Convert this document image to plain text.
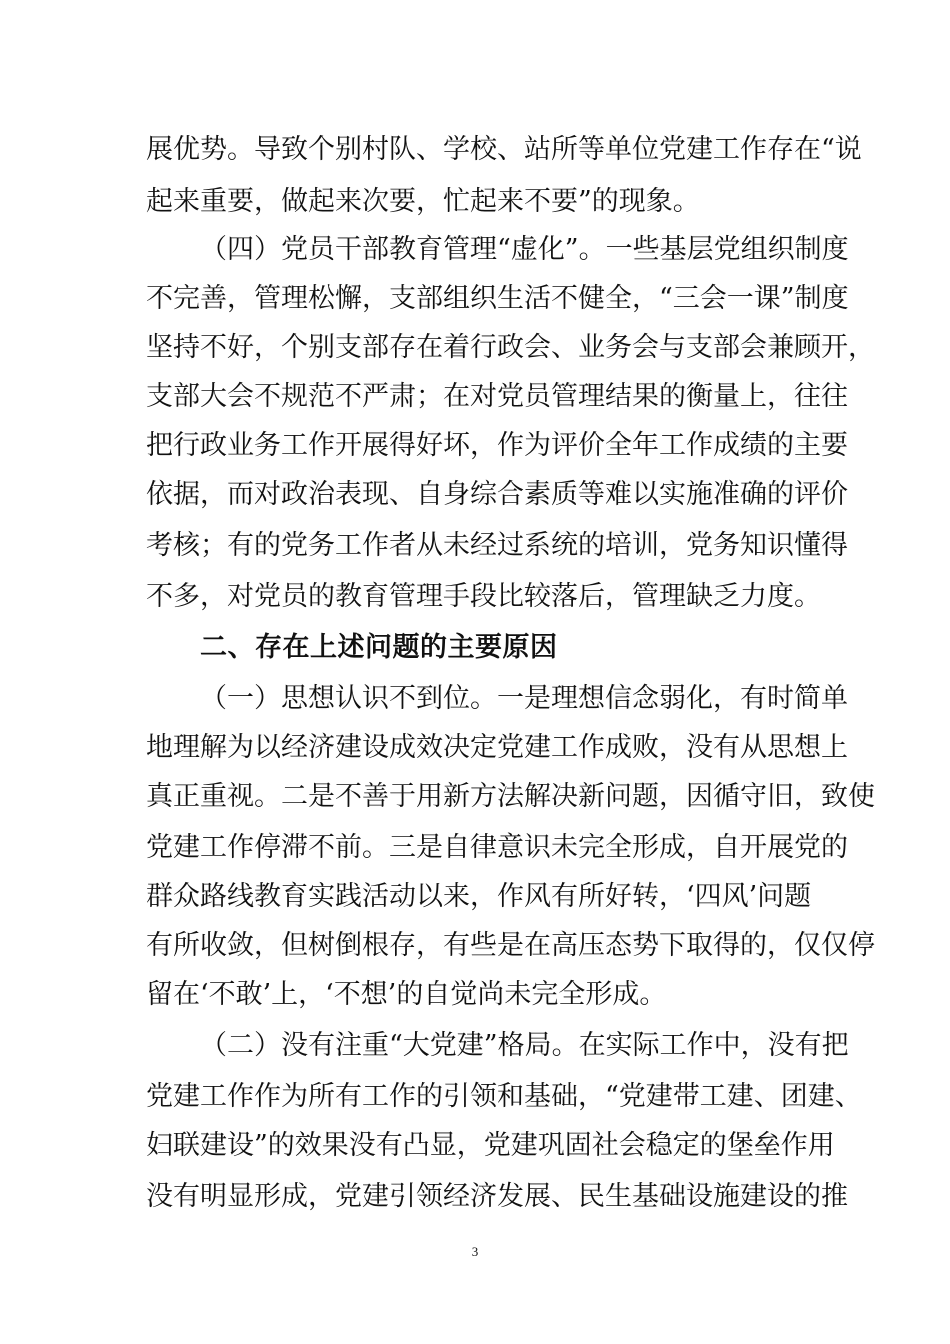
展优势。导致个别村队、学校、站所等单位党建工作存在“说
起来重要，做起来次要，忙起来不要”的现象。
（四）党员干部教育管理“虚化”。一些基层党组织制度
不完善，管理松懈，支部组织生活不健全，“三会一课”制度
坚持不好，个别支部存在着行政会、业务会与支部会兼顾开，
支部大会不规范不严肃；在对党员管理结果的衡量上，往往
把行政业务工作开展得好坏，作为评价全年工作成绩的主要
依据，而对政治表现、自身综合素质等难以实施准确的评价
考核；有的党务工作者从未经过系统的培训，党务知识懂得
不多，对党员的教育管理手段比较落后，管理缺乏力度。
二、存在上述问题的主要原因
（一）思想认识不到位。一是理想信念弱化，有时简单
地理解为以经济建设成效决定党建工作成败，没有从思想上
真正重视。二是不善于用新方法解决新问题，因循守旧，致使
党建工作停滞不前。三是自律意识未完全形成，自开展党的
群众路线教育实践活动以来，作风有所好转，‘四风’问题
有所收敛，但树倒根存，有些是在高压态势下取得的，仅仅停
留在‘不敢’上，‘不想’的自觉尚未完全形成。
（二）没有注重“大党建”格局。在实际工作中，没有把
党建工作作为所有工作的引领和基础，“党建带工建、团建、
妇联建设”的效果没有凸显，党建巩固社会稳定的堡垒作用
没有明显形成，党建引领经济发展、民生基础设施建设的推
3
